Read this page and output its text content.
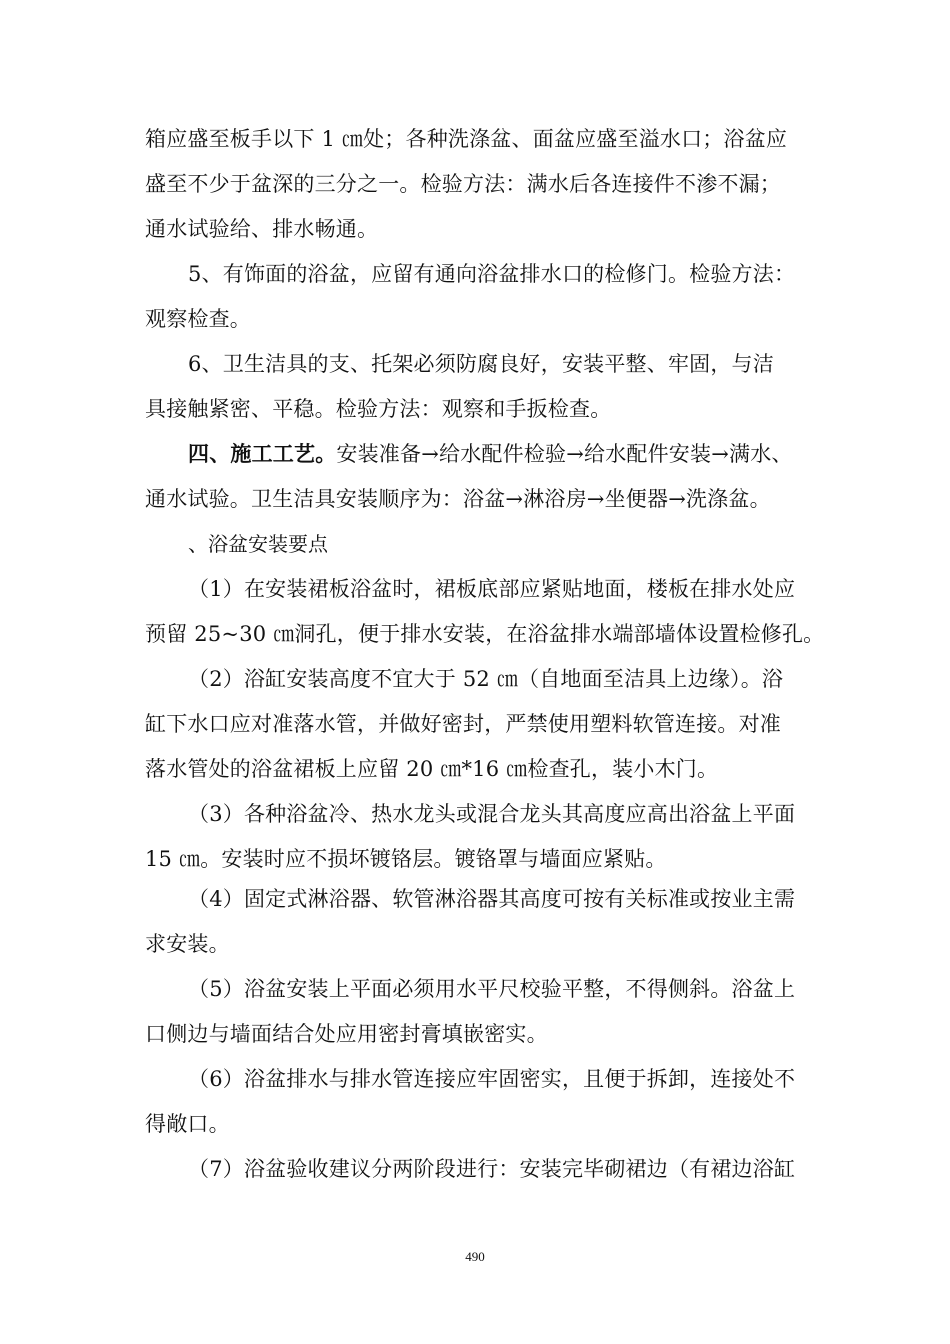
箱应盛至板手以下 1 ㎝处；各种洗涤盆、面盆应盛至溢水口；浴盆应
盛至不少于盆深的三分之一。检验方法：满水后各连接件不渗不漏；
通水试验给、排水畅通。
5、有饰面的浴盆，应留有通向浴盆排水口的检修门。检验方法：
观察检查。
6、卫生洁具的支、托架必须防腐良好，安装平整、牢固，与洁
具接触紧密、平稳。检验方法：观察和手扳检查。
四、施工工艺。安装准备→给水配件检验→给水配件安装→满水、
通水试验。卫生洁具安装顺序为：浴盆→淋浴房→坐便器→洗涤盆。
、浴盆安装要点
（1）在安装裙板浴盆时，裙板底部应紧贴地面，楼板在排水处应
预留 25~30 ㎝洞孔，便于排水安装，在浴盆排水端部墙体设置检修孔。
（2）浴缸安装高度不宜大于 52 ㎝（自地面至洁具上边缘）。浴
缸下水口应对准落水管，并做好密封，严禁使用塑料软管连接。对准
落水管处的浴盆裙板上应留 20 ㎝*16 ㎝检查孔，装小木门。
（3）各种浴盆冷、热水龙头或混合龙头其高度应高出浴盆上平面
15 ㎝。安装时应不损坏镀铬层。镀铬罩与墙面应紧贴。
（4）固定式淋浴器、软管淋浴器其高度可按有关标准或按业主需
求安装。
（5）浴盆安装上平面必须用水平尺校验平整，不得侧斜。浴盆上
口侧边与墙面结合处应用密封膏填嵌密实。
（6）浴盆排水与排水管连接应牢固密实，且便于拆卸，连接处不
得敞口。
（7）浴盆验收建议分两阶段进行：安装完毕砌裙边（有裙边浴缸
490
